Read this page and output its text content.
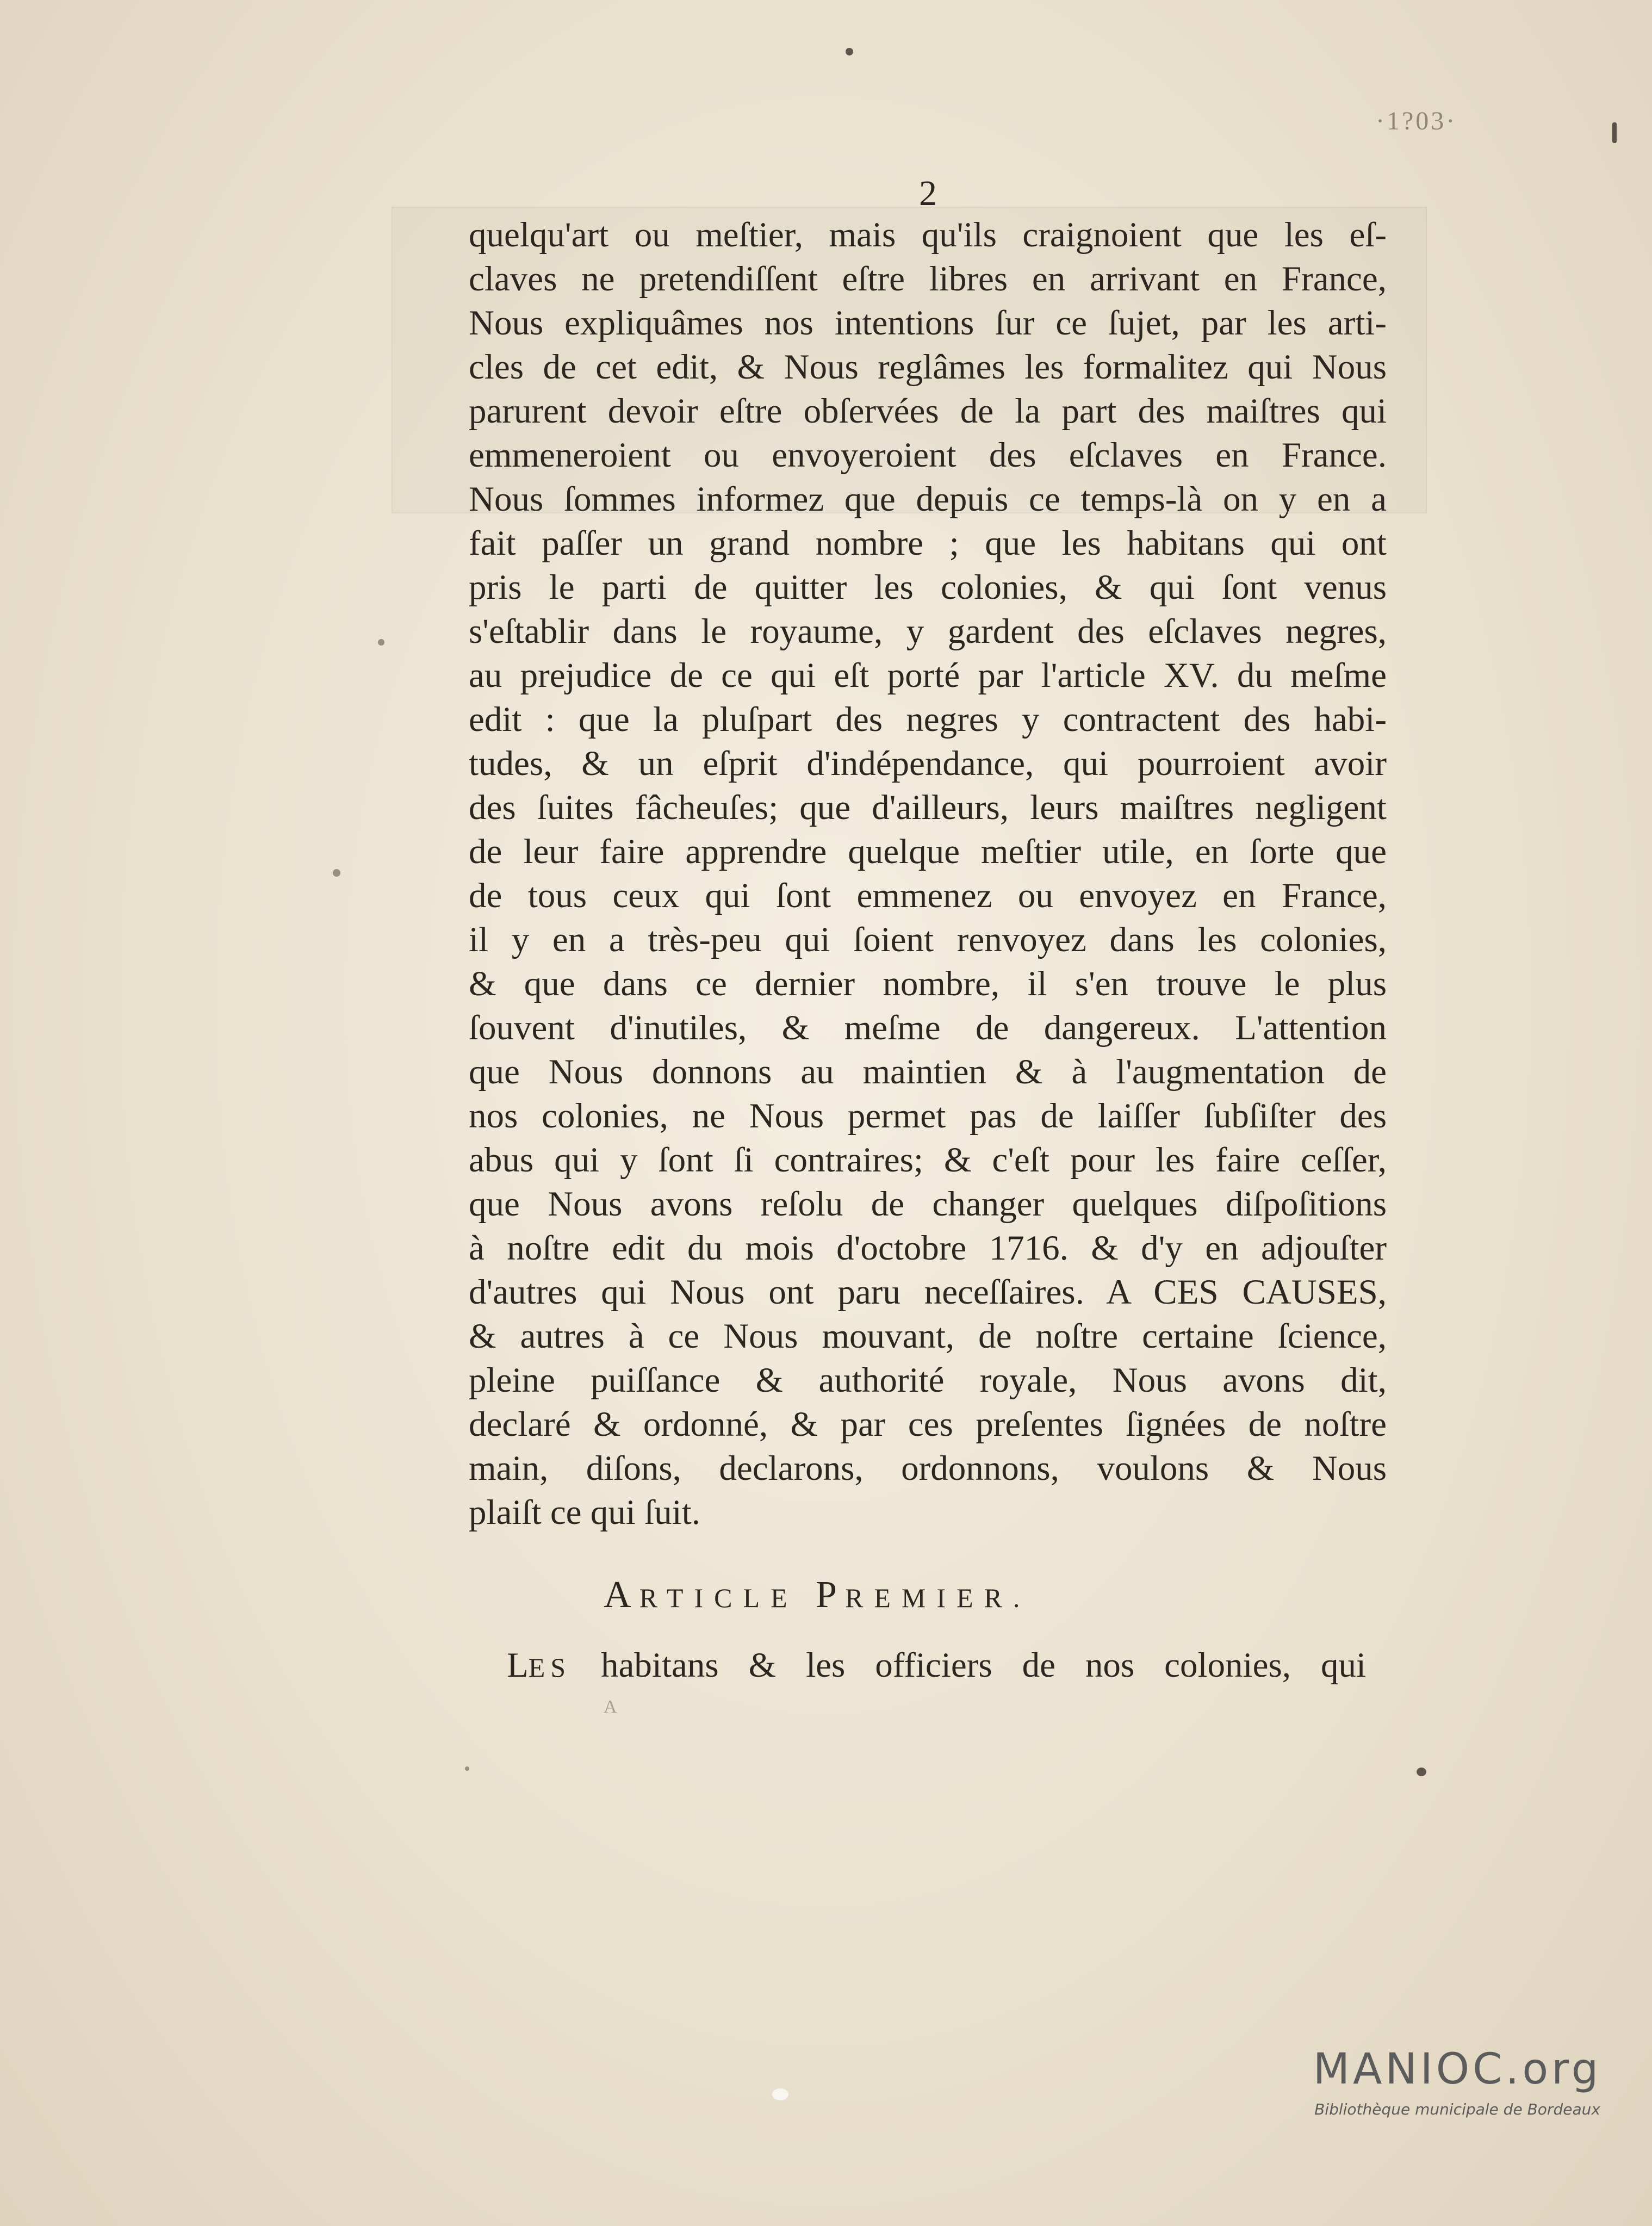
·1?03·
2
quelqu'art ou meſtier, mais qu'ils craignoient que les eſ-
claves ne pretendiſſent eſtre libres en arrivant en France,
Nous expliquâmes nos intentions ſur ce ſujet, par les arti-
cles de cet edit, & Nous reglâmes les formalitez qui Nous
parurent devoir eſtre obſervées de la part des maiſtres qui
emmeneroient ou envoyeroient des eſclaves en France.
Nous ſommes informez que depuis ce temps-là on y en a
fait paſſer un grand nombre ; que les habitans qui ont
pris le parti de quitter les colonies, & qui ſont venus
s'eſtablir dans le royaume, y gardent des eſclaves negres,
au prejudice de ce qui eſt porté par l'article XV. du meſme
edit : que la pluſpart des negres y contractent des habi-
tudes, & un eſprit d'indépendance, qui pourroient avoir
des ſuites fâcheuſes; que d'ailleurs, leurs maiſtres negligent
de leur faire apprendre quelque meſtier utile, en ſorte que
de tous ceux qui ſont emmenez ou envoyez en France,
il y en a très-peu qui ſoient renvoyez dans les colonies,
& que dans ce dernier nombre, il s'en trouve le plus
ſouvent d'inutiles, & meſme de dangereux. L'attention
que Nous donnons au maintien & à l'augmentation de
nos colonies, ne Nous permet pas de laiſſer ſubſiſter des
abus qui y ſont ſi contraires; & c'eſt pour les faire ceſſer,
que Nous avons reſolu de changer quelques diſpoſitions
à noſtre edit du mois d'octobre 1716. & d'y en adjouſter
d'autres qui Nous ont paru neceſſaires. A CES CAUSES,
& autres à ce Nous mouvant, de noſtre certaine ſcience,
pleine puiſſance & authorité royale, Nous avons dit,
declaré & ordonné, & par ces preſentes ſignées de noſtre
main, diſons, declarons, ordonnons, voulons & Nous
plaiſt ce qui ſuit.
ARTICLE PREMIER.
LES habitans & les officiers de nos colonies, qui
A
MANIOC.org
Bibliothèque municipale de Bordeaux
